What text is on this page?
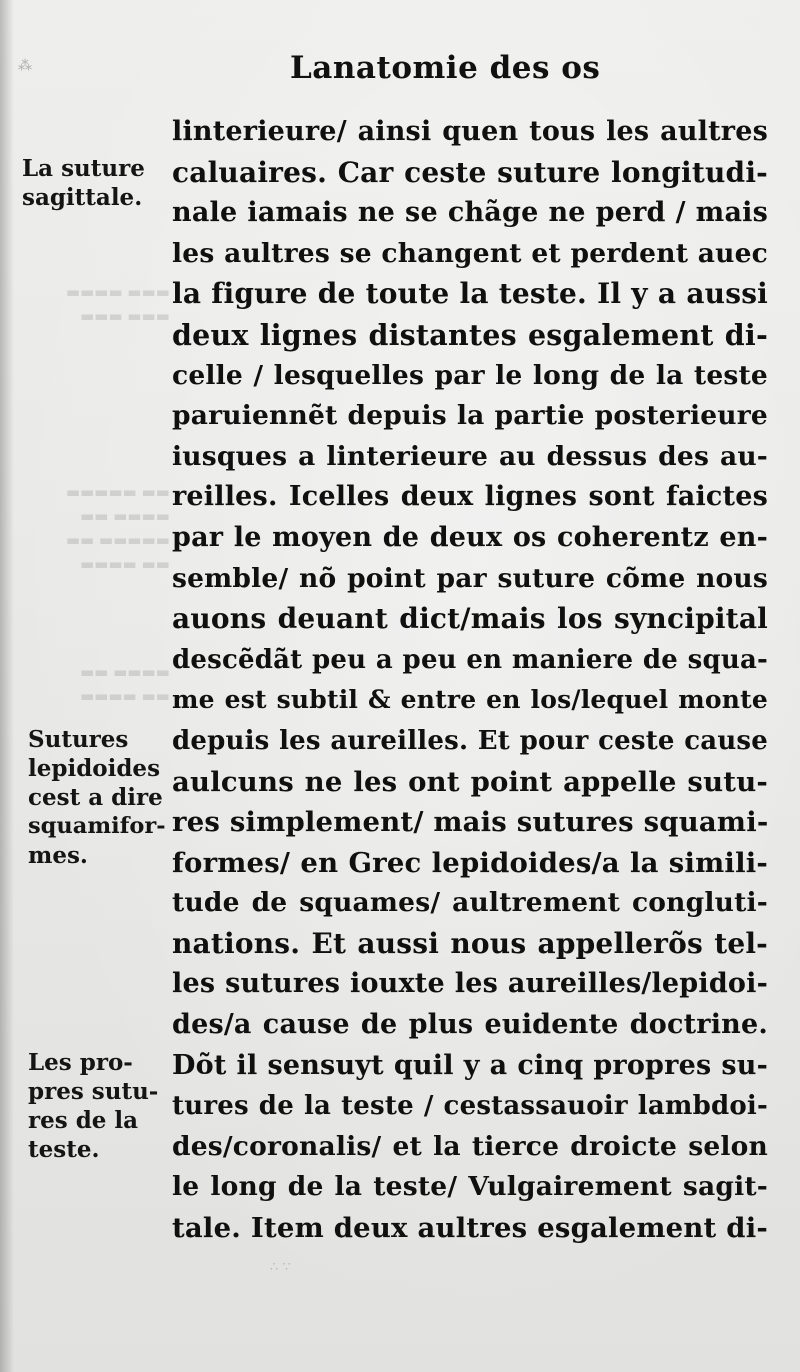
▬▬▬ ▬▬▬▬
▬▬▬ ▬▬▬
▬▬ ▬▬▬▬▬
▬▬▬▬ ▬▬
▬▬▬▬▬ ▬▬
▬▬ ▬▬▬▬
▬▬▬▬ ▬▬
▬▬ ▬▬▬▬
Lanatomie des os
linterieure/ ainsi quen tous les aultres
caluaires. Car ceste suture longitudi-
nale iamais ne se chãge ne perd / mais
les aultres se changent et perdent auec
la figure de toute la teste. Il y a aussi
deux lignes distantes esgalement di-
celle / lesquelles par le long de la teste
paruiennẽt depuis la partie posterieure
iusques a linterieure au dessus des au-
reilles. Icelles deux lignes sont faictes
par le moyen de deux os coherentz en-
semble/ nõ point par suture cõme nous
auons deuant dict/mais los syncipital
descẽdãt peu a peu en maniere de squa-
me est subtil & entre en los/lequel monte
depuis les aureilles. Et pour ceste cause
aulcuns ne les ont point appelle sutu-
res simplement/ mais sutures squami-
formes/ en Grec lepidoides/a la simili-
tude de squames/ aultrement congluti-
nations. Et aussi nous appellerõs tel-
les sutures iouxte les aureilles/lepidoi-
des/a cause de plus euidente doctrine.
Dõt il sensuyt quil y a cinq propres su-
tures de la teste / cestassauoir lambdoi-
des/coronalis/ et la tierce droicte selon
le long de la teste/ Vulgairement sagit-
tale. Item deux aultres esgalement di-
La suture
sagittale.
Sutures
lepidoides
cest a dire
squamifor-
mes.
Les pro-
pres sutu-
res de la
teste.
⁂
∴ ∵
